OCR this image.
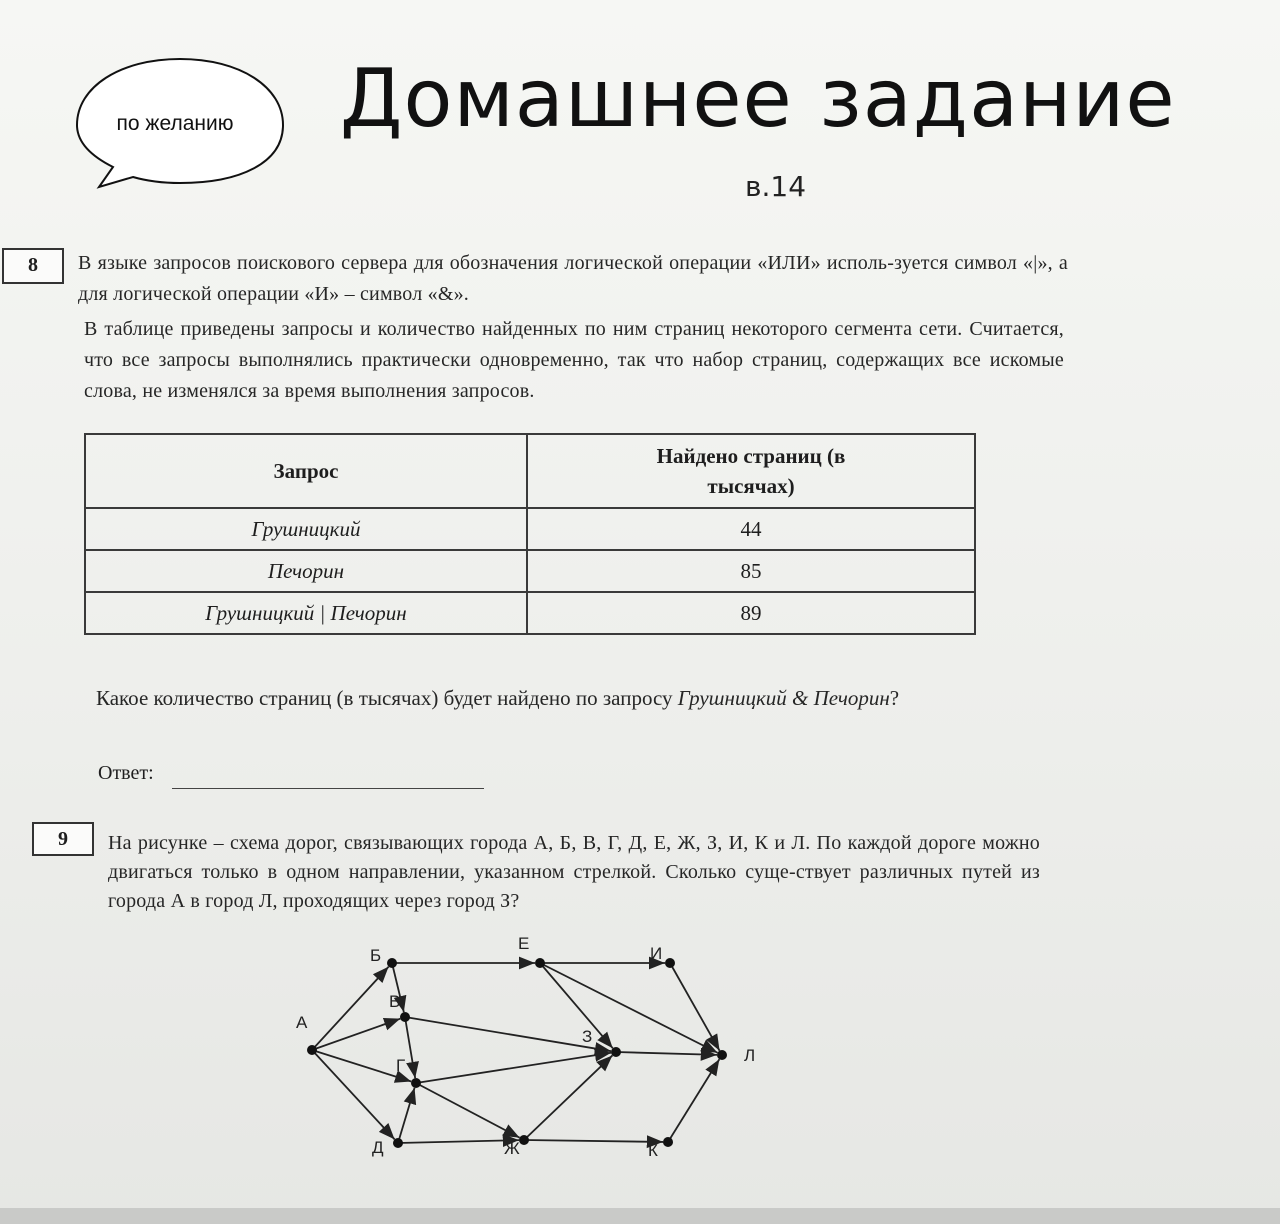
по желанию Домашнее задание
в.14
8	В языке запросов поискового сервера для обозначения логической операции «ИЛИ» исполь-зуется символ «|», а для логической операции «И» – символ «&».

В таблице приведены запросы и количество найденных по ним страниц некоторого сегмента сети. Считается, что все запросы выполнялись практически одновременно, так что набор страниц, содержащих все искомые слова, не изменялся за время выполнения запросов.

Запрос	Найдено страниц (в тысячах)
Грушницкий	44
Печорин	85
Грушницкий | Печорин	89
Какое количество страниц (в тысячах) будет найдено по запросу Грушницкий & Печорин?
Ответ:
9	На рисунке – схема дорог, связывающих города А, Б, В, Г, Д, Е, Ж, З, И, К и Л. По каждой дороге можно двигаться только в одном направлении, указанном стрелкой. Сколько суще-ствует различных путей из города А в город Л, проходящих через город З?

А
Б
В
Г
Д
Е
Ж
З
И
К
Л
